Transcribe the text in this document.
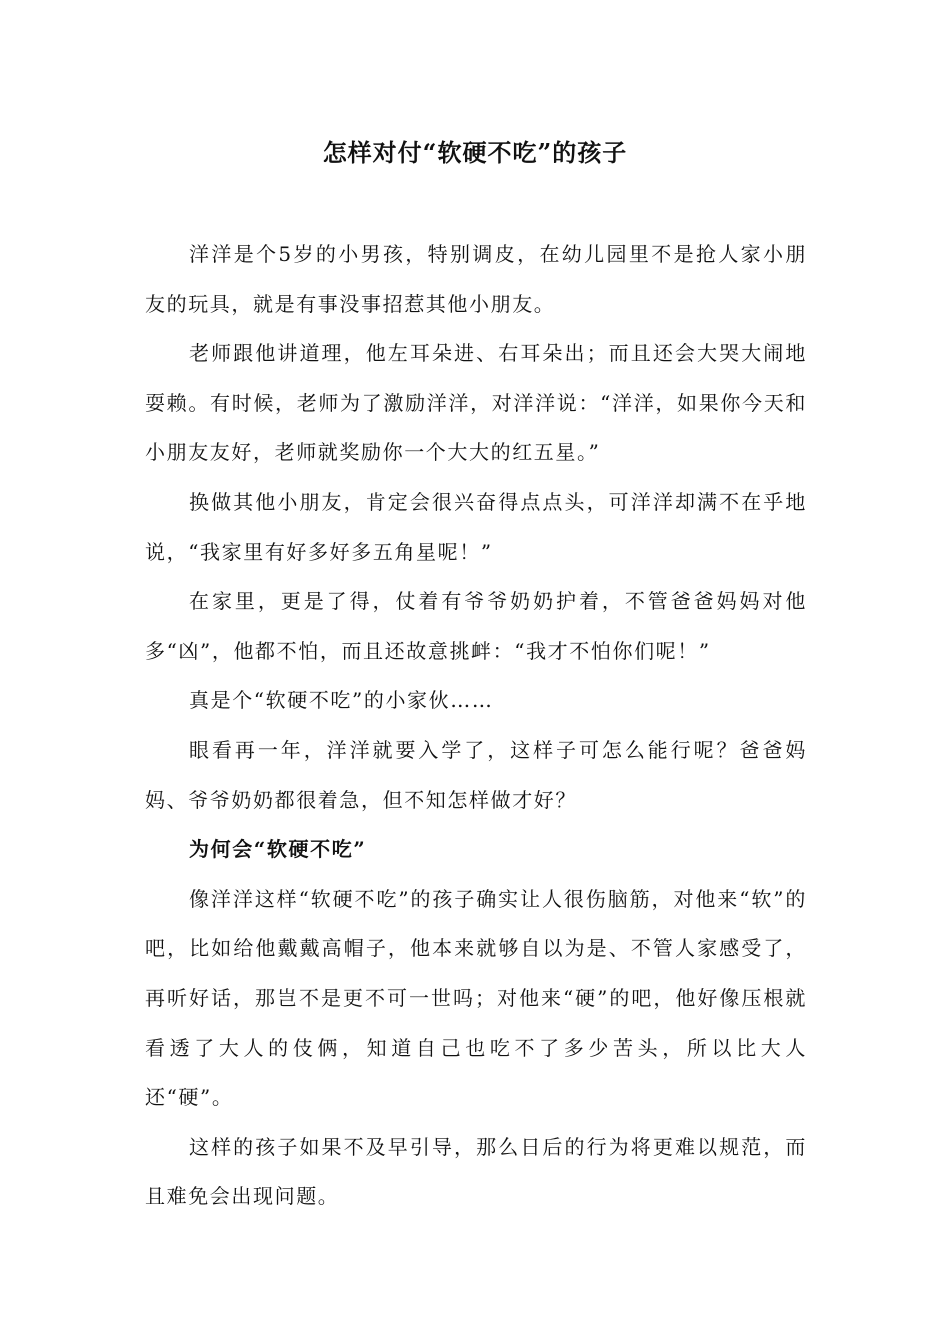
怎样对付“软硬不吃”的孩子

洋洋是个5岁的小男孩，特别调皮，在幼儿园里不是抢人家小朋友的玩具，就是有事没事招惹其他小朋友。

老师跟他讲道理，他左耳朵进、右耳朵出；而且还会大哭大闹地耍赖。有时候，老师为了激励洋洋，对洋洋说：“洋洋，如果你今天和小朋友友好，老师就奖励你一个大大的红五星。”

换做其他小朋友，肯定会很兴奋得点点头，可洋洋却满不在乎地说，“我家里有好多好多五角星呢！”

在家里，更是了得，仗着有爷爷奶奶护着，不管爸爸妈妈对他多“凶”，他都不怕，而且还故意挑衅：“我才不怕你们呢！”

真是个“软硬不吃”的小家伙……

眼看再一年，洋洋就要入学了，这样子可怎么能行呢？爸爸妈妈、爷爷奶奶都很着急，但不知怎样做才好？

为何会“软硬不吃”

像洋洋这样“软硬不吃”的孩子确实让人很伤脑筋，对他来“软”的吧，比如给他戴戴高帽子，他本来就够自以为是、不管人家感受了，再听好话，那岂不是更不可一世吗；对他来“硬”的吧，他好像压根就看透了大人的伎俩，知道自己也吃不了多少苦头，所以比大人还“硬”。

这样的孩子如果不及早引导，那么日后的行为将更难以规范，而且难免会出现问题。
